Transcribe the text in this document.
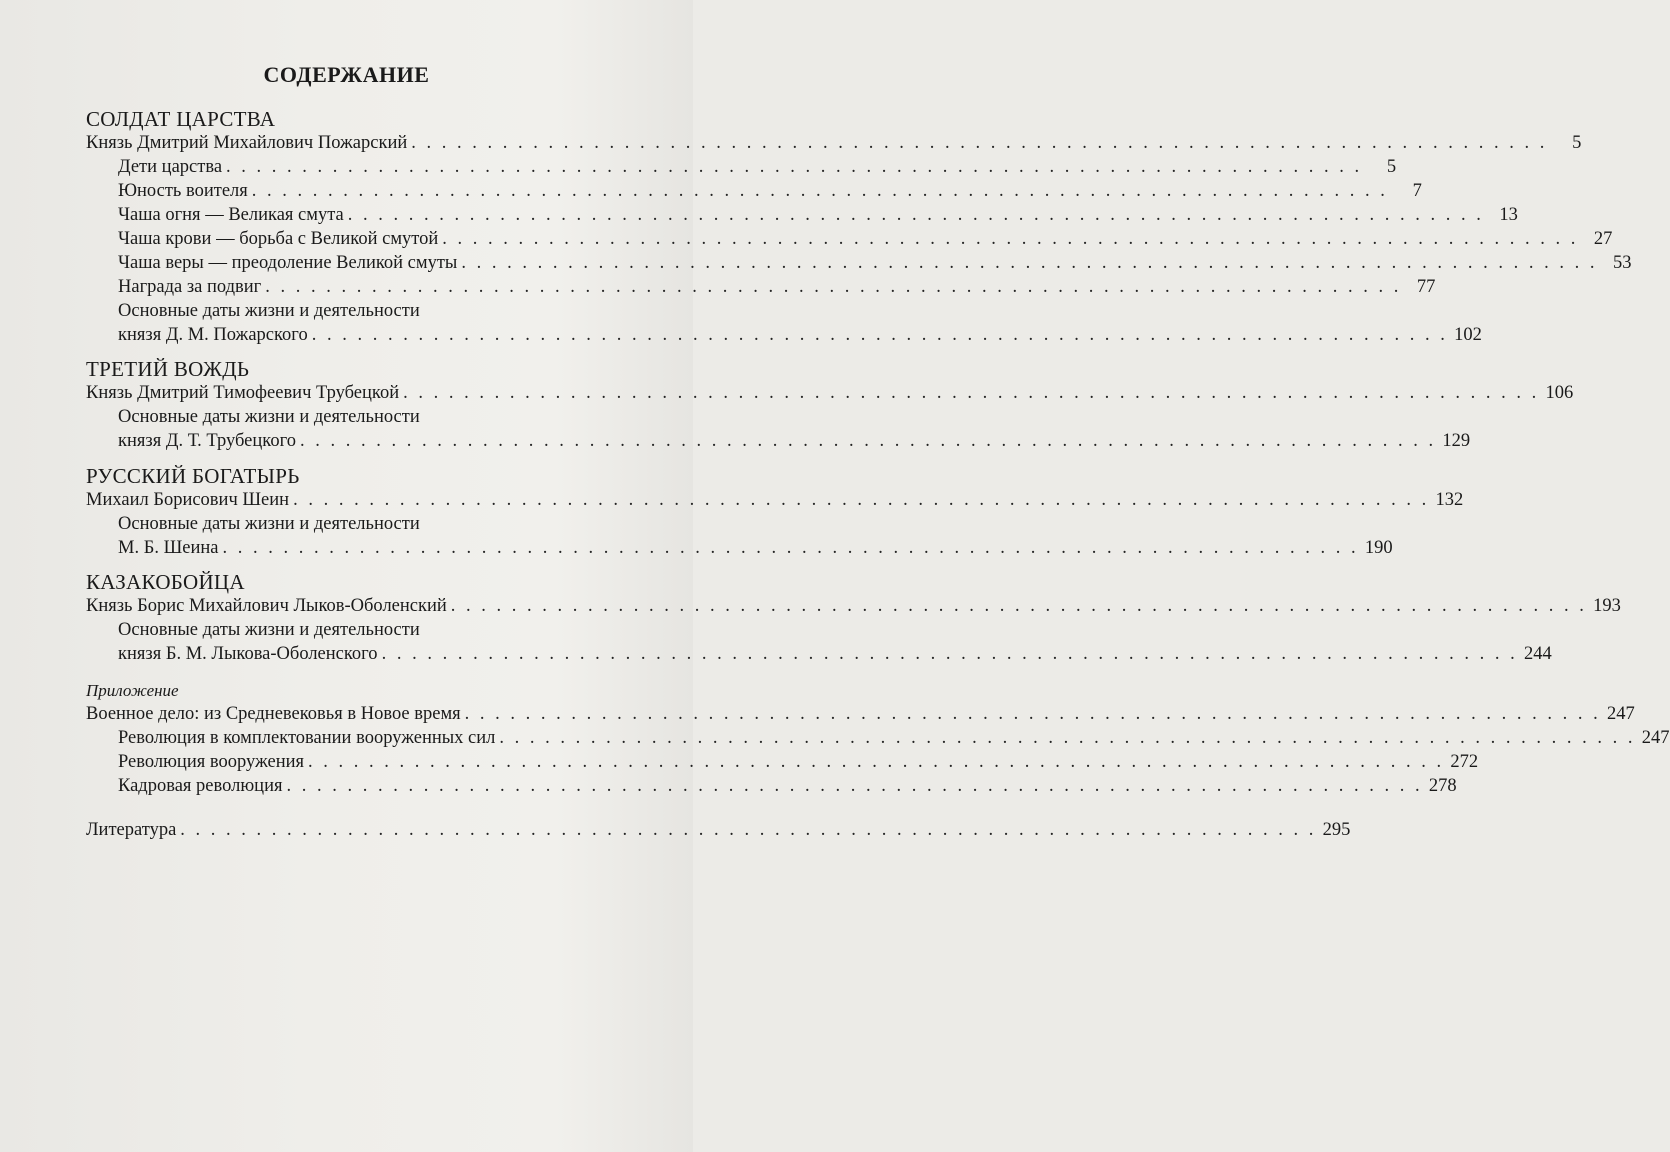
СОДЕРЖАНИЕ
СОЛДАТ ЦАРСТВА
Князь Дмитрий Михайлович Пожарский . . . . . . . . . . . . . . . . . . . . . . . . . . . . . . . . . . . . . . . . . . . . . . . . . . . . . . . . . . . . . . . . . . . . . . . . . . .	5
Дети царства . . . . . . . . . . . . . . . . . . . . . . . . . . . . . . . . . . . . . . . . . . . . . . . . . . . . . . . . . . . . . . . . . . . . . . . . . . .	5
Юность воителя . . . . . . . . . . . . . . . . . . . . . . . . . . . . . . . . . . . . . . . . . . . . . . . . . . . . . . . . . . . . . . . . . . . . . . . . . . .	7
Чаша огня — Великая смута . . . . . . . . . . . . . . . . . . . . . . . . . . . . . . . . . . . . . . . . . . . . . . . . . . . . . . . . . . . . . . . . . . . . . . . . . . . 13
Чаша крови — борьба с Великой смутой . . . . . . . . . . . . . . . . . . . . . . . . . . . . . . . . . . . . . . . . . . . . . . . . . . . . . . . . . . . . . . . . . . . . . . . . . . . 27
Чаша веры — преодоление Великой смуты . . . . . . . . . . . . . . . . . . . . . . . . . . . . . . . . . . . . . . . . . . . . . . . . . . . . . . . . . . . . . . . . . . . . . . . . . . . 53
Награда за подвиг . . . . . . . . . . . . . . . . . . . . . . . . . . . . . . . . . . . . . . . . . . . . . . . . . . . . . . . . . . . . . . . . . . . . . . . . . . . 77
Основные даты жизни и деятельности
князя Д. М. Пожарского . . . . . . . . . . . . . . . . . . . . . . . . . . . . . . . . . . . . . . . . . . . . . . . . . . . . . . . . . . . . . . . . . . . . . . . . . . . 102
ТРЕТИЙ ВОЖДЬ
Князь Дмитрий Тимофеевич Трубецкой . . . . . . . . . . . . . . . . . . . . . . . . . . . . . . . . . . . . . . . . . . . . . . . . . . . . . . . . . . . . . . . . . . . . . . . . . . . 106
Основные даты жизни и деятельности
князя Д. Т. Трубецкого . . . . . . . . . . . . . . . . . . . . . . . . . . . . . . . . . . . . . . . . . . . . . . . . . . . . . . . . . . . . . . . . . . . . . . . . . . . 129
РУССКИЙ БОГАТЫРЬ
Михаил Борисович Шеин . . . . . . . . . . . . . . . . . . . . . . . . . . . . . . . . . . . . . . . . . . . . . . . . . . . . . . . . . . . . . . . . . . . . . . . . . . . 132
Основные даты жизни и деятельности
М. Б. Шеина . . . . . . . . . . . . . . . . . . . . . . . . . . . . . . . . . . . . . . . . . . . . . . . . . . . . . . . . . . . . . . . . . . . . . . . . . . . 190
КАЗАКОБОЙЦА
Князь Борис Михайлович Лыков-Оболенский . . . . . . . . . . . . . . . . . . . . . . . . . . . . . . . . . . . . . . . . . . . . . . . . . . . . . . . . . . . . . . . . . . . . . . . . . . . 193
Основные даты жизни и деятельности
князя Б. М. Лыкова-Оболенского . . . . . . . . . . . . . . . . . . . . . . . . . . . . . . . . . . . . . . . . . . . . . . . . . . . . . . . . . . . . . . . . . . . . . . . . . . . 244
Приложение
Военное дело: из Средневековья в Новое время . . . . . . . . . . . . . . . . . . . . . . . . . . . . . . . . . . . . . . . . . . . . . . . . . . . . . . . . . . . . . . . . . . . . . . . . . . . 247
Революция в комплектовании вооруженных сил . . . . . . . . . . . . . . . . . . . . . . . . . . . . . . . . . . . . . . . . . . . . . . . . . . . . . . . . . . . . . . . . . . . . . . . . . . . 247
Революция вооружения . . . . . . . . . . . . . . . . . . . . . . . . . . . . . . . . . . . . . . . . . . . . . . . . . . . . . . . . . . . . . . . . . . . . . . . . . . . 272
Кадровая революция . . . . . . . . . . . . . . . . . . . . . . . . . . . . . . . . . . . . . . . . . . . . . . . . . . . . . . . . . . . . . . . . . . . . . . . . . . . 278
Литература . . . . . . . . . . . . . . . . . . . . . . . . . . . . . . . . . . . . . . . . . . . . . . . . . . . . . . . . . . . . . . . . . . . . . . . . . . . 295
